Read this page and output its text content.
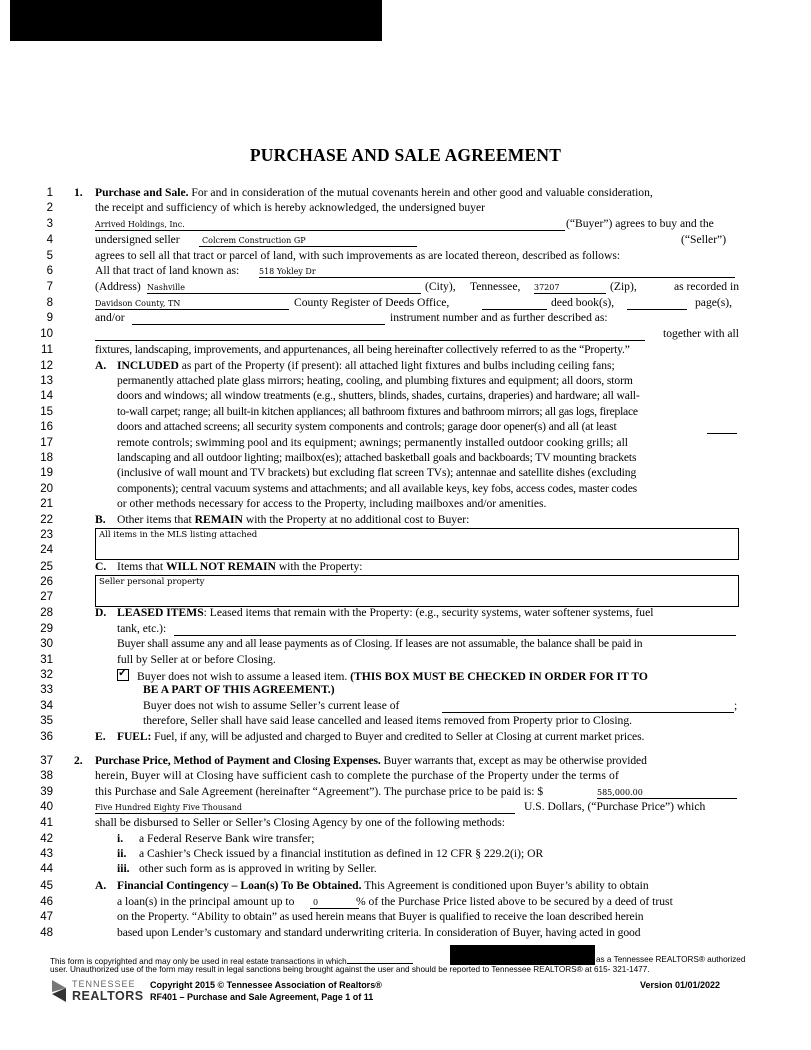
PURCHASE AND SALE AGREEMENT
1 1. Purchase and Sale. For and in consideration of the mutual covenants herein and other good and valuable consideration,
2	the receipt and sufficiency of which is hereby acknowledged, the undersigned buyer
3	Arrived Holdings, Inc.	(“Buyer”) agrees to buy and the
4	undersigned seller	Colcrem Construction GP	(“Seller”)
5	agrees to sell all that tract or parcel of land, with such improvements as are located thereon, described as follows:
6	All that tract of land known as: 518 Yokley Dr
7	(Address) Nashville	(City), Tennessee, 37207	(Zip),	as recorded in
8	Davidson County, TN	County Register of Deeds Office,	deed book(s),	page(s),
9	and/or	instrument number and as further described as:
10	together with all
11	fixtures, landscaping, improvements, and appurtenances, all being hereinafter collectively referred to as the “Property.”
12	A. INCLUDED as part of the Property (if present): all attached light fixtures and bulbs including ceiling fans;
13	permanently attached plate glass mirrors; heating, cooling, and plumbing fixtures and equipment; all doors, storm
14	doors and windows; all window treatments (e.g., shutters, blinds, shades, curtains, draperies) and hardware; all wall-
15	to-wall carpet; range; all built-in kitchen appliances; all bathroom fixtures and bathroom mirrors; all gas logs, fireplace
16	doors and attached screens; all security system components and controls; garage door opener(s) and all (at least
17	remote controls; swimming pool and its equipment; awnings; permanently installed outdoor cooking grills; all
18	landscaping and all outdoor lighting; mailbox(es); attached basketball goals and backboards; TV mounting brackets
19	(inclusive of wall mount and TV brackets) but excluding flat screen TVs); antennae and satellite dishes (excluding
20	components); central vacuum systems and attachments; and all available keys, key fobs, access codes, master codes
21	or other methods necessary for access to the Property, including mailboxes and/or amenities.
22	B. Other items that REMAIN with the Property at no additional cost to Buyer:
23
24
All items in the MLS listing attached
25	C. Items that WILL NOT REMAIN with the Property:
26
27
Seller personal property
28	D. LEASED ITEMS: Leased items that remain with the Property: (e.g., security systems, water softener systems, fuel
29	tank, etc.):
30	Buyer shall assume any and all lease payments as of Closing. If leases are not assumable, the balance shall be paid in
31	full by Seller at or before Closing.
32
✓	Buyer does not wish to assume a leased item. (THIS BOX MUST BE CHECKED IN ORDER FOR IT TO
33	BE A PART OF THIS AGREEMENT.)
34	Buyer does not wish to assume Seller’s current lease of	;
35	therefore, Seller shall have said lease cancelled and leased items removed from Property prior to Closing.
36	E. FUEL: Fuel, if any, will be adjusted and charged to Buyer and credited to Seller at Closing at current market prices.
37 2. Purchase Price, Method of Payment and Closing Expenses. Buyer warrants that, except as may be otherwise provided
38	herein, Buyer will at Closing have sufficient cash to complete the purchase of the Property under the terms of
39	this Purchase and Sale Agreement (hereinafter “Agreement”). The purchase price to be paid is: $	585,000.00
40	Five Hundred Eighty Five Thousand	U.S. Dollars, (“Purchase Price”) which
41	shall be disbursed to Seller or Seller’s Closing Agency by one of the following methods:
42	i. a Federal Reserve Bank wire transfer;
43	ii. a Cashier’s Check issued by a financial institution as defined in 12 CFR § 229.2(i); OR
44	iii. other such form as is approved in writing by Seller.
45	A. Financial Contingency – Loan(s) To Be Obtained. This Agreement is conditioned upon Buyer’s ability to obtain
46	a loan(s) in the principal amount up to	0	% of the Purchase Price listed above to be secured by a deed of trust
47	on the Property. “Ability to obtain” as used herein means that Buyer is qualified to receive the loan described herein
48	based upon Lender’s customary and standard underwriting criteria. In consideration of Buyer, having acted in good
This form is copyrighted and may only be used in real estate transactions in which	as a Tennessee REALTORS® authorized
user. Unauthorized use of the form may result in legal sanctions being brought against the user and should be reported to Tennessee REALTORS® at 615- 321-1477.
TENNESSEE
REALTORS
Copyright 2015 © Tennessee Association of Realtors®
RF401 – Purchase and Sale Agreement, Page 1 of 11
Version 01/01/2022
